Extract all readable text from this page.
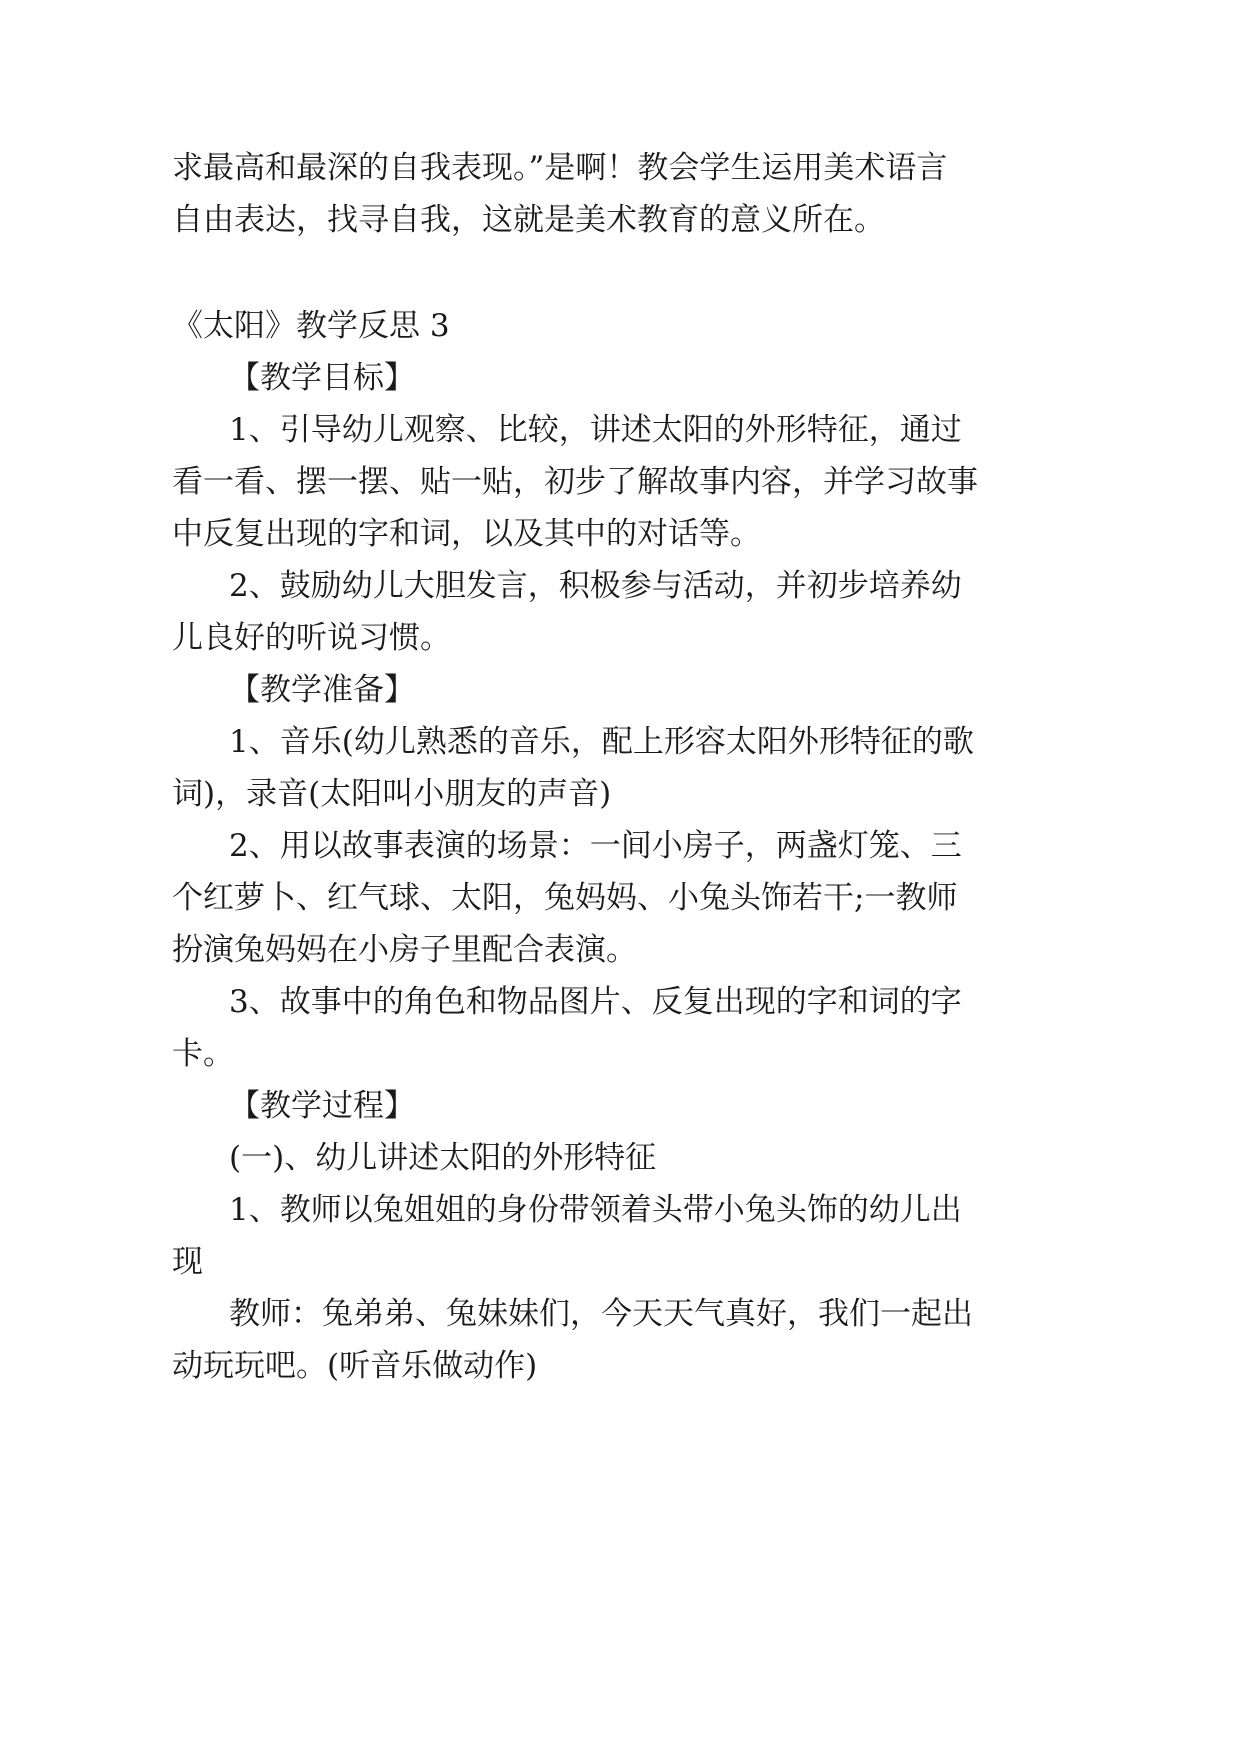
求最高和最深的自我表现。”是啊！教会学生运用美术语言

自由表达，找寻自我，这就是美术教育的意义所在。

《太阳》教学反思 3

【教学目标】

1、引导幼儿观察、比较，讲述太阳的外形特征，通过

看一看、摆一摆、贴一贴，初步了解故事内容，并学习故事

中反复出现的字和词，以及其中的对话等。

2、鼓励幼儿大胆发言，积极参与活动，并初步培养幼

儿良好的听说习惯。

【教学准备】

1、音乐(幼儿熟悉的音乐，配上形容太阳外形特征的歌

词)，录音(太阳叫小朋友的声音)

2、用以故事表演的场景：一间小房子，两盏灯笼、三

个红萝卜、红气球、太阳，兔妈妈、小兔头饰若干;一教师

扮演兔妈妈在小房子里配合表演。

3、故事中的角色和物品图片、反复出现的字和词的字

卡。

【教学过程】

(一)、幼儿讲述太阳的外形特征

1、教师以兔姐姐的身份带领着头带小兔头饰的幼儿出

现

教师：兔弟弟、兔妹妹们，今天天气真好，我们一起出

动玩玩吧。(听音乐做动作)
